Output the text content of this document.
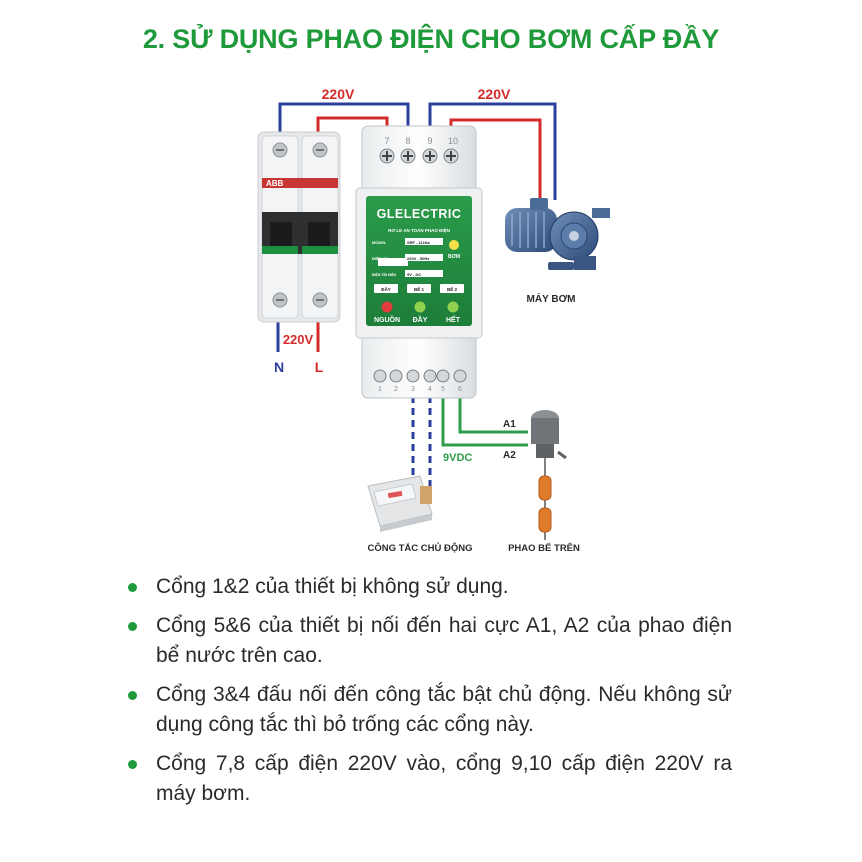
2. SỬ DỤNG PHAO ĐIỆN CHO BƠM CẤP ĐẦY
ABB
GLELECTRIC
RƠ LE AN TOÀN PHAO ĐIỆN
MODEL	SRF - 111Ns
ĐIỆN ÁP	220V - 50Hz
ĐIỆN TÍN HIỆU	9V - DC
BƠM
ĐẦY	BỂ 1	BỂ 2
NGUỒN ĐẦY	HẾT
7 8 9 10
1 2 3 4 5 6
220V	220V
220V
N L
MÁY BƠM
9VDC
A1
A2
PHAO BỂ TRÊN
CÔNG TẮC CHỦ ĐỘNG
Cổng 1&2 của thiết bị không sử dụng.
Cổng 5&6 của thiết bị nối đến hai cực A1, A2 của phao điện bể nước trên cao.
Cổng 3&4 đấu nối đến công tắc bật chủ động. Nếu không sử dụng công tắc thì bỏ trống các cổng này.
Cổng 7,8 cấp điện 220V vào, cổng 9,10 cấp điện 220V ra máy bơm.
